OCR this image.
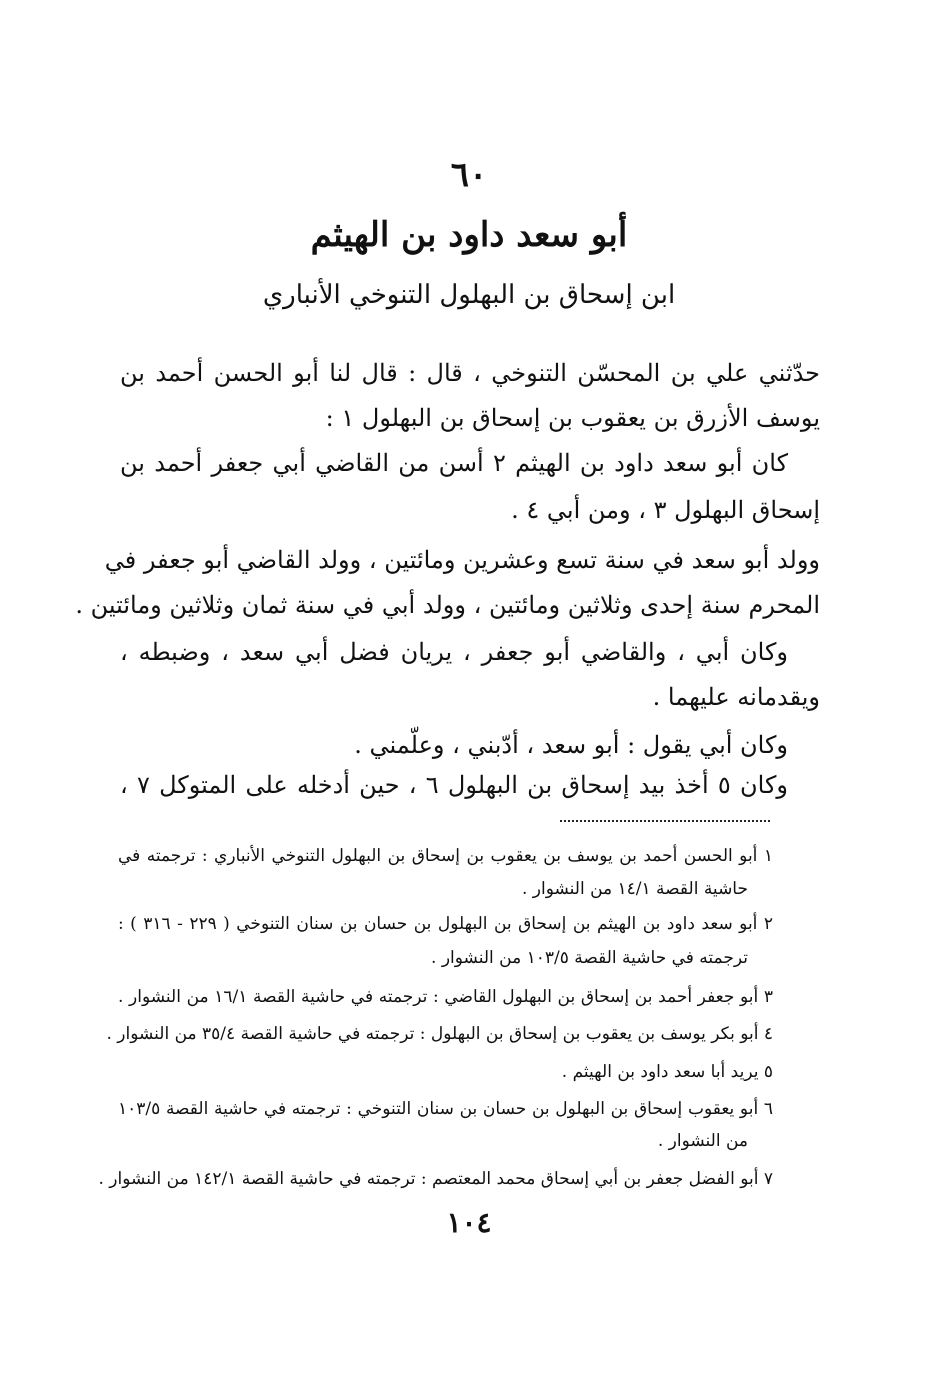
٦٠
أبو سعد داود بن الهيثم
ابن إسحاق بن البهلول التنوخي الأنباري
حدّثني علي بن المحسّن التنوخي ، قال : قال لنا أبو الحسن أحمد بن
يوسف الأزرق بن يعقوب بن إسحاق بن البهلول ١ :
كان أبو سعد داود بن الهيثم ٢ أسن من القاضي أبي جعفر أحمد بن
إسحاق البهلول ٣ ، ومن أبي ٤ .
وولد أبو سعد في سنة تسع وعشرين ومائتين ، وولد القاضي أبو جعفر في
المحرم سنة إحدى وثلاثين ومائتين ، وولد أبي في سنة ثمان وثلاثين ومائتين .
وكان أبي ، والقاضي أبو جعفر ، يريان فضل أبي سعد ، وضبطه ،
ويقدمانه عليهما .
وكان أبي يقول : أبو سعد ، أدّبني ، وعلّمني .
وكان ٥ أخذ بيد إسحاق بن البهلول ٦ ، حين أدخله على المتوكل ٧ ،
١ أبو الحسن أحمد بن يوسف بن يعقوب بن إسحاق بن البهلول التنوخي الأنباري : ترجمته في
حاشية القصة ١٤/١ من النشوار .
٢ أبو سعد داود بن الهيثم بن إسحاق بن البهلول بن حسان بن سنان التنوخي ( ٢٢٩ - ٣١٦ ) :
ترجمته في حاشية القصة ١٠٣/٥ من النشوار .
٣ أبو جعفر أحمد بن إسحاق بن البهلول القاضي : ترجمته في حاشية القصة ١٦/١ من النشوار .
٤ أبو بكر يوسف بن يعقوب بن إسحاق بن البهلول : ترجمته في حاشية القصة ٣٥/٤ من النشوار .
٥ يريد أبا سعد داود بن الهيثم .
٦ أبو يعقوب إسحاق بن البهلول بن حسان بن سنان التنوخي : ترجمته في حاشية القصة ١٠٣/٥
من النشوار .
٧ أبو الفضل جعفر بن أبي إسحاق محمد المعتصم : ترجمته في حاشية القصة ١٤٢/١ من النشوار .
١٠٤
